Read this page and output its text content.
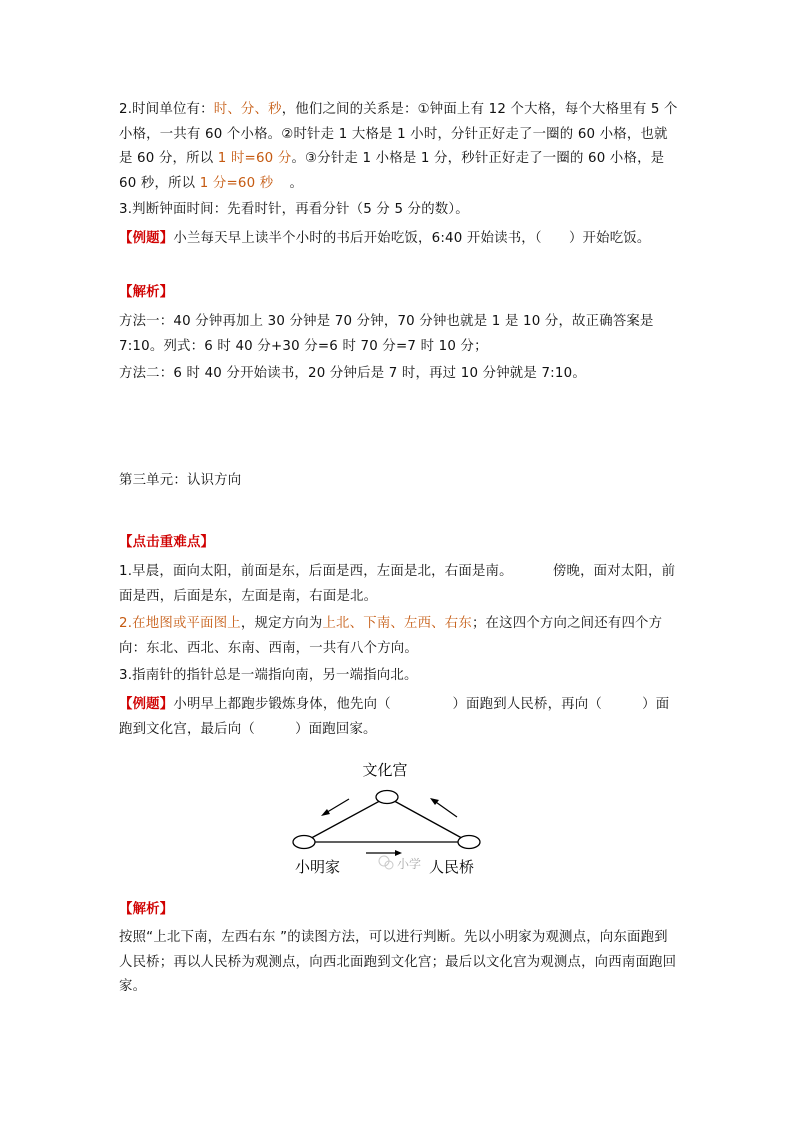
2.时间单位有：时、分、秒，他们之间的关系是：①钟面上有 12 个大格，每个大格里有 5 个小格，一共有 60 个小格。②时针走 1 大格是 1 小时，分针正好走了一圈的 60 小格，也就是 60 分，所以 1 时=60 分。③分针走 1 小格是 1 分，秒针正好走了一圈的 60 小格，是 60 秒，所以 1 分=60 秒 。

3.判断钟面时间：先看时针，再看分针（5 分 5 分的数）。

【例题】小兰每天早上读半个小时的书后开始吃饭，6:40 开始读书，（　　）开始吃饭。

【解析】

方法一：40 分钟再加上 30 分钟是 70 分钟，70 分钟也就是 1 是 10 分，故正确答案是 7:10。列式：6 时 40 分+30 分=6 时 70 分=7 时 10 分；

方法二：6 时 40 分开始读书，20 分钟后是 7 时，再过 10 分钟就是 7:10。

第三单元：认识方向

【点击重难点】

1.早晨，面向太阳，前面是东，后面是西，左面是北，右面是南。	傍晚，面对太阳，前面是西，后面是东，左面是南，右面是北。

2.在地图或平面图上，规定方向为上北、下南、左西、右东；在这四个方向之间还有四个方向：东北、西北、东南、西南，一共有八个方向。

3.指南针的指针总是一端指向南，另一端指向北。

【例题】小明早上都跑步锻炼身体，他先向（	）面跑到人民桥，再向（	）面跑到文化宫，最后向（	）面跑回家。

文化宫
小学
小明家	人民桥

【解析】

按照“上北下南，左西右东 ”的读图方法，可以进行判断。先以小明家为观测点，向东面跑到人民桥；再以人民桥为观测点，向西北面跑到文化宫；最后以文化宫为观测点，向西南面跑回家。
